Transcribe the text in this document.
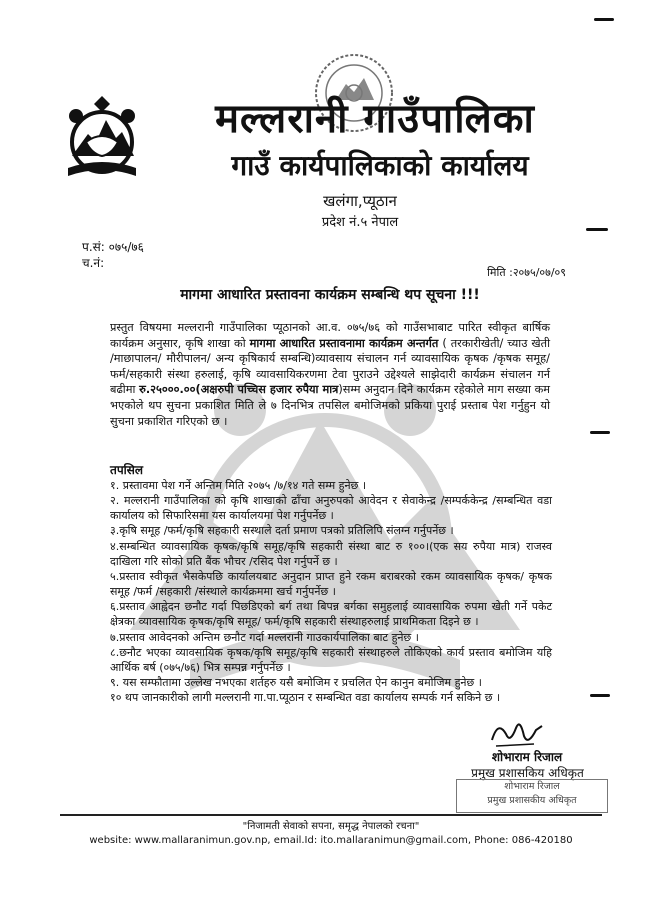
मल्लरानी गाउँपालिका
गाउँ कार्यपालिकाको कार्यालय
खलंगा,प्यूठान
प्रदेश नं.५ नेपाल
प.सं: ०७५/७६
च.नं:
मिति :२०७५/०७/०९
मागमा आधारित प्रस्तावना कार्यक्रम सम्बन्धि थप सूचना !!!
प्रस्तुत विषयमा मल्लरानी गाउँपालिका प्यूठानको आ.व. ०७५/७६ को गाउँसभाबाट पारित स्वीकृत बार्षिक कार्यक्रम अनुसार, कृषि शाखा को मागमा आधारित प्रस्तावनामा कार्यक्रम अन्तर्गत ( तरकारीखेती/ च्याउ खेती /माछापालन/ मौरीपालन/ अन्य कृषिकार्य सम्बन्धि)व्यावसाय संचालन गर्न व्यावसायिक कृषक /कृषक समूह/ फर्म/सहकारी संस्था हरुलाई, कृषि व्यावसायिकरणमा टेवा पुराउने उद्देश्यले साझेदारी कार्यक्रम संचालन गर्न बढीमा रु.२५०००.००(अक्षरुपी पच्चिस हजार रुपैया मात्र)सम्म अनुदान दिने कार्यक्रम रहेकोले माग सख्या कम भएकोले थप सुचना प्रकाशित मिति ले ७ दिनभित्र तपसिल बमोजिमको प्रकिया पुराई प्रस्ताब पेश गर्नुहुन यो सुचना प्रकाशित गरिएको छ ।
तपसिल

१. प्रस्तावमा पेश गर्ने अन्तिम मिति २०७५ /७/१४ गते सम्म हुनेछ ।

२. मल्लरानी गाउँपालिका को कृषि शाखाको ढाँचा अनुरुपको आवेदन र सेवाकेन्द्र /सम्पर्ककेन्द्र /सम्बन्धित वडा कार्यालय को सिफारिसमा यस कार्यालयमा पेश गर्नुपर्नेछ ।

३.कृषि समूह /फर्म/कृषि सहकारी सस्थाले दर्ता प्रमाण पत्रको प्रतिलिपि संलग्न गर्नुपर्नेछ ।

४.सम्बन्धित व्यावसायिक कृषक/कृषि समूह/कृषि सहकारी संस्था बाट रु १००।(एक सय रुपैया मात्र) राजस्व दाखिला गरि सोको प्रति बैंक भौचर /रसिद पेश गर्नुपर्ने छ ।

५.प्रस्ताव स्वीकृत भैसकेपछि कार्यालयबाट अनुदान प्राप्त हुने रकम बराबरको रकम व्यावसायिक कृषक/ कृषक समूह /फर्म /सहकारी /संस्थाले कार्यक्रममा खर्च गर्नुपर्नेछ ।

६.प्रस्ताव आह्वेदन छनौट गर्दा पिछडिएको बर्ग तथा बिपन्न बर्गका समुहलाई व्यावसायिक रुपमा खेती गर्ने पकेट क्षेत्रका व्यावसायिक कृषक/कृषि समूह/ फर्म/कृषि सहकारी संस्थाहरुलाई प्राथमिकता दिइने छ ।

७.प्रस्ताव आवेदनको अन्तिम छनौट गर्दा मल्लरानी गाउकार्यपालिका बाट हुनेछ ।

८.छनौट भएका व्यावसायिक कृषक/कृषि समूह/कृषि सहकारी संस्थाहरुले तोकिएको कार्य प्रस्ताव बमोजिम यहि आर्थिक बर्ष (०७५/७६) भित्र सम्पन्न गर्नुपर्नेछ ।

९. यस सम्फौतामा उल्लेख नभएका शर्तहरु यसै बमोजिम र प्रचलित ऐन कानुन बमोजिम हुनेछ ।

१० थप जानकारीको लागी मल्लरानी गा.पा.प्यूठान र सम्बन्धित वडा कार्यालय सम्पर्क गर्न सकिने छ ।

शोभाराम रिजाल
प्रमुख प्रशासकिय अधिकृत
शोभाराम रिजाल
प्रमुख प्रशासकीय अधिकृत
"निजामती सेवाको सपना, समृद्ध नेपालको रचना"
website: www.mallaranimun.gov.np, email.Id: ito.mallaranimun@gmail.com, Phone: 086-420180
